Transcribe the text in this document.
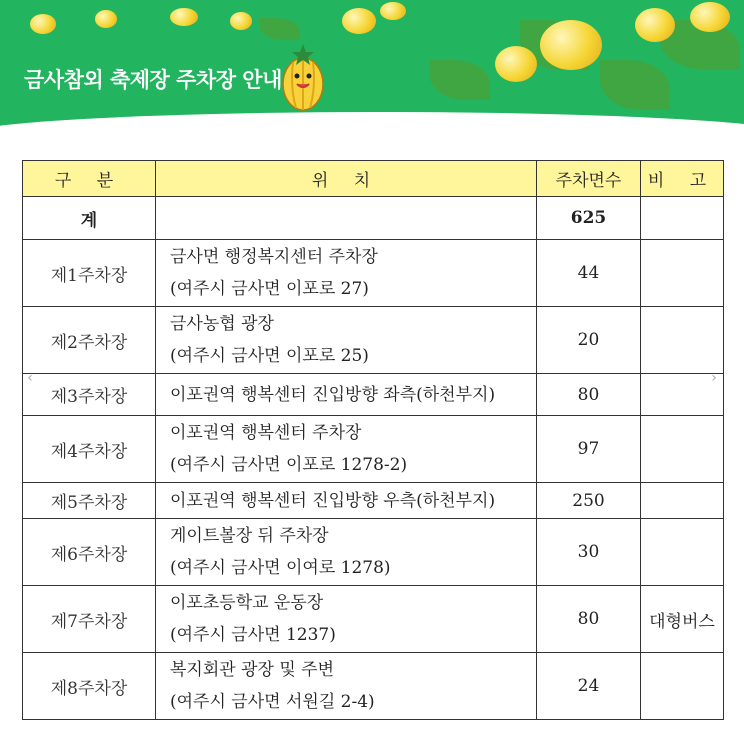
금사참외 축제장 주차장 안내
‹	›
구 분	위 치	주차면수	비 고
계		625	
제1주차장	금사면 행정복지센터 주차장
(여주시 금사면 이포로 27)	44	
제2주차장	금사농협 광장
(여주시 금사면 이포로 25)	20	
제3주차장	이포권역 행복센터 진입방향 좌측(하천부지)	80	
제4주차장	이포권역 행복센터 주차장
(여주시 금사면 이포로 1278-2)	97	
제5주차장	이포권역 행복센터 진입방향 우측(하천부지)	250	
제6주차장	게이트볼장 뒤 주차장
(여주시 금사면 이여로 1278)	30	
제7주차장	이포초등학교 운동장
(여주시 금사면 1237)	80	대형버스
제8주차장	복지회관 광장 및 주변
(여주시 금사면 서원길 2-4)	24	
